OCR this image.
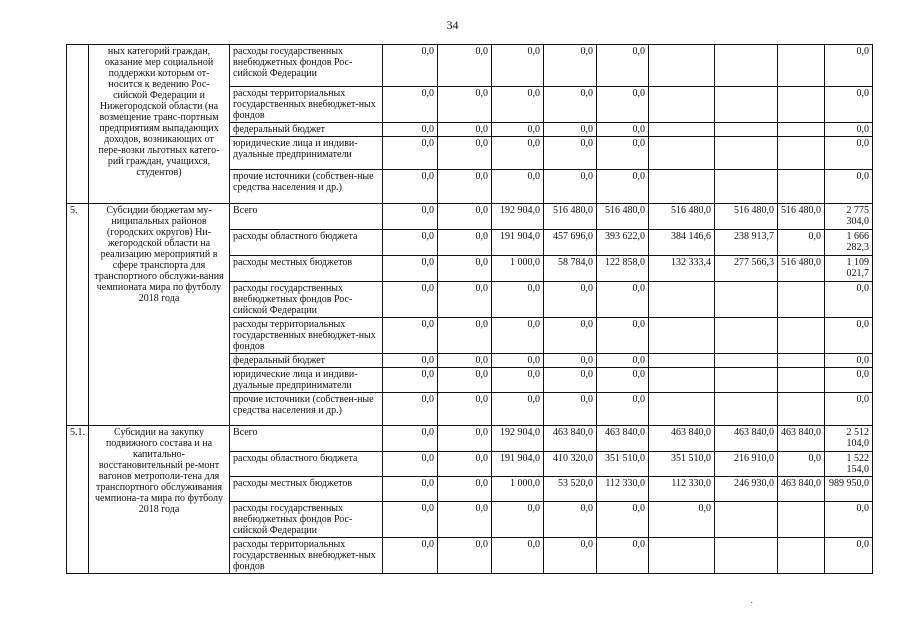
34
	ных категорий граждан, оказание мер социальной поддержки которым от-носится к ведению Рос-сийской Федерации и Нижегородской области (на возмещение транс-портным предприятиям выпадающих доходов, возникающих от пере-возки льготных катего-рий граждан, учащихся, студентов)	расходы государственных внебюджетных фондов Рос-сийской Федерации	0,0	0,0	0,0	0,0	0,0				0,0
		расходы территориальных государственных внебюджет-ных фондов	0,0	0,0	0,0	0,0	0,0				0,0
		федеральный бюджет	0,0	0,0	0,0	0,0	0,0				0,0
		юридические лица и индиви-дуальные предприниматели	0,0	0,0	0,0	0,0	0,0				0,0
		прочие источники (собствен-ные средства населения и др.)	0,0	0,0	0,0	0,0	0,0				0,0
5.	Субсидии бюджетам му-ниципальных районов (городских округов) Ни-жегородской области на реализацию мероприятий в сфере транспорта для транспортного обслужи-вания чемпионата мира по футболу 2018 года	Всего	0,0	0,0	192 904,0	516 480,0	516 480,0	516 480,0	516 480,0	516 480,0	2 775 304,0
		расходы областного бюджета	0,0	0,0	191 904,0	457 696,0	393 622,0	384 146,6	238 913,7	0,0	1 666 282,3
		расходы местных бюджетов	0,0	0,0	1 000,0	58 784,0	122 858,0	132 333,4	277 566,3	516 480,0	1 109 021,7
		расходы государственных внебюджетных фондов Рос-сийской Федерации	0,0	0,0	0,0	0,0	0,0				0,0
		расходы территориальных государственных внебюджет-ных фондов	0,0	0,0	0,0	0,0	0,0				0,0
		федеральный бюджет	0,0	0,0	0,0	0,0	0,0				0,0
		юридические лица и индиви-дуальные предприниматели	0,0	0,0	0,0	0,0	0,0				0,0
		прочие источники (собствен-ные средства населения и др.)	0,0	0,0	0,0	0,0	0,0				0,0
5.1.	Субсидии на закупку подвижного состава и на капитально-восстановительный ре-монт вагонов метрополи-тена для транспортного обслуживания чемпиона-та мира по футболу 2018 года	Всего	0,0	0,0	192 904,0	463 840,0	463 840,0	463 840,0	463 840,0	463 840,0	2 512 104,0
		расходы областного бюджета	0,0	0,0	191 904,0	410 320,0	351 510,0	351 510,0	216 910,0	0,0	1 522 154,0
		расходы местных бюджетов	0,0	0,0	1 000,0	53 520,0	112 330,0	112 330,0	246 930,0	463 840,0	989 950,0
		расходы государственных внебюджетных фондов Рос-сийской Федерации	0,0	0,0	0,0	0,0	0,0	0,0			0,0
		расходы территориальных государственных внебюджет-ных фондов	0,0	0,0	0,0	0,0	0,0				0,0
·
